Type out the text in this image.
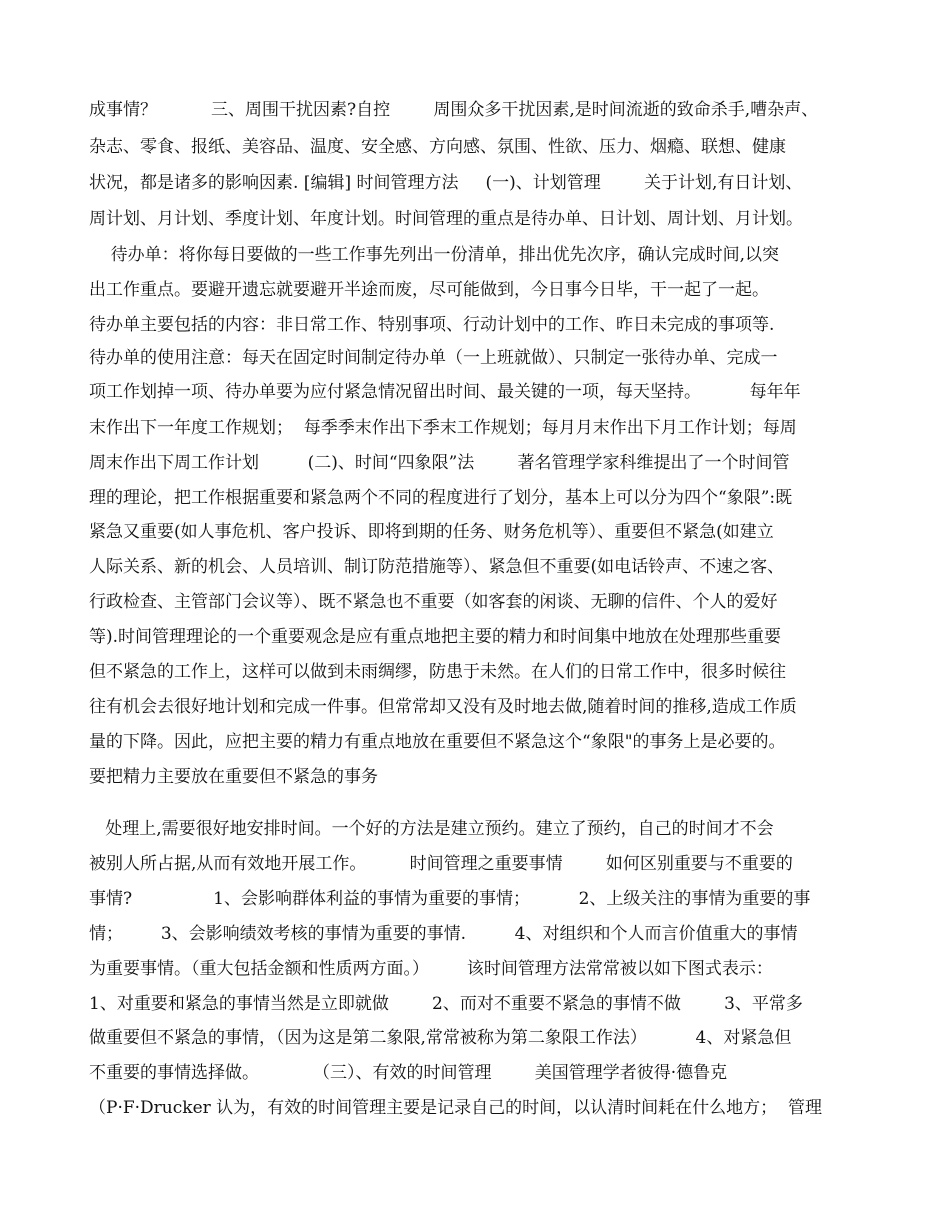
成事情？          三、周围干扰因素?自控        周围众多干扰因素,是时间流逝的致命杀手,嘈杂声、

杂志、零食、报纸、美容品、温度、安全感、方向感、氛围、性欲、压力、烟瘾、联想、健康

状况，都是诸多的影响因素. [编辑] 时间管理方法     (一)、计划管理        关于计划,有日计划、

周计划、月计划、季度计划、年度计划。时间管理的重点是待办单、日计划、周计划、月计划。

待办单：将你每日要做的一些工作事先列出一份清单，排出优先次序，确认完成时间,以突

出工作重点。要避开遗忘就要避开半途而废，尽可能做到，今日事今日毕，干一起了一起。

待办单主要包括的内容：非日常工作、特别事项、行动计划中的工作、昨日未完成的事项等.

待办单的使用注意：每天在固定时间制定待办单（一上班就做）、只制定一张待办单、完成一

项工作划掉一项、待办单要为应付紧急情况留出时间、最关键的一项，每天坚持。         每年年

末作出下一年度工作规划；  每季季末作出下季末工作规划；每月月末作出下月工作计划；每周

周末作出下周工作计划         (二)、时间“四象限”法        著名管理学家科维提出了一个时间管

理的理论，把工作根据重要和紧急两个不同的程度进行了划分，基本上可以分为四个“象限”:既

紧急又重要(如人事危机、客户投诉、即将到期的任务、财务危机等）、重要但不紧急(如建立

人际关系、新的机会、人员培训、制订防范措施等）、紧急但不重要(如电话铃声、不速之客、

行政检查、主管部门会议等）、既不紧急也不重要（如客套的闲谈、无聊的信件、个人的爱好

等).时间管理理论的一个重要观念是应有重点地把主要的精力和时间集中地放在处理那些重要

但不紧急的工作上，这样可以做到未雨绸缪，防患于未然。在人们的日常工作中，很多时候往

往有机会去很好地计划和完成一件事。但常常却又没有及时地去做,随着时间的推移,造成工作质

量的下降。因此，应把主要的精力有重点地放在重要但不紧急这个“象限"的事务上是必要的。

要把精力主要放在重要但不紧急的事务

处理上,需要很好地安排时间。一个好的方法是建立预约。建立了预约，自己的时间才不会

被别人所占据,从而有效地开展工作。        时间管理之重要事情        如何区别重要与不重要的

事情?               1、会影响群体利益的事情为重要的事情；         2、上级关注的事情为重要的事

情；       3、会影响绩效考核的事情为重要的事情.         4、对组织和个人而言价值重大的事情

为重要事情。（重大包括金额和性质两方面。）       该时间管理方法常常被以如下图式表示：

1、对重要和紧急的事情当然是立即就做        2、而对不重要不紧急的事情不做        3、平常多

做重要但不紧急的事情，（因为这是第二象限,常常被称为第二象限工作法）         4、对紧急但

不重要的事情选择做。          （三）、有效的时间管理        美国管理学者彼得·德鲁克

（P·F·Drucker 认为，有效的时间管理主要是记录自己的时间，以认清时间耗在什么地方；  管理
